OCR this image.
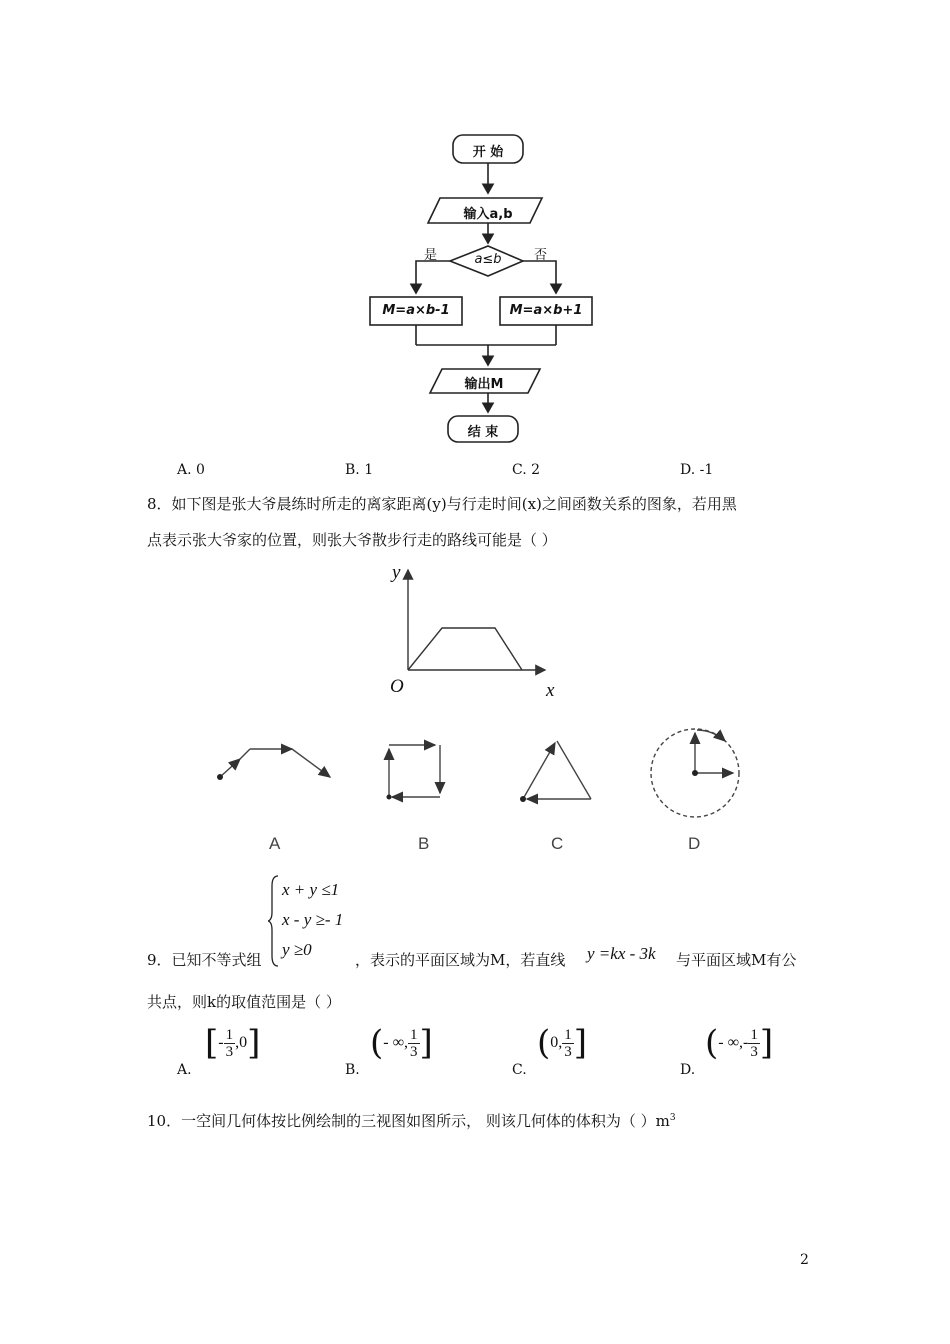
开 始
输入a,b
a≤b
是	否
M=a×b-1	M=a×b+1
输出M
结 束
A. 0	B. 1	C. 2	D. -1
8．如下图是张大爷晨练时所走的离家距离(y)与行走时间(x)之间函数关系的图象，若用黑
点表示张大爷家的位置，则张大爷散步行走的路线可能是（ ）
y
x
O
A	B	C	D
x + y ≤1
x - y ≥- 1
y ≥0
9．已知不等式组	，表示的平面区域为M，若直线 y =kx - 3k 与平面区域M有公
共点，则k的取值范围是（ ）
A.
[ - $\frac{1}{3} ,0$ ]
B.
( - ∞, $\frac{1}{3}$ ]
C.
( 0, $\frac{1}{3}$ ]
D.
( - ∞,- $\frac{1}{3}$ ]
10．一空间几何体按比例绘制的三视图如图所示， 则该几何体的体积为（ ）$m^3$
2
